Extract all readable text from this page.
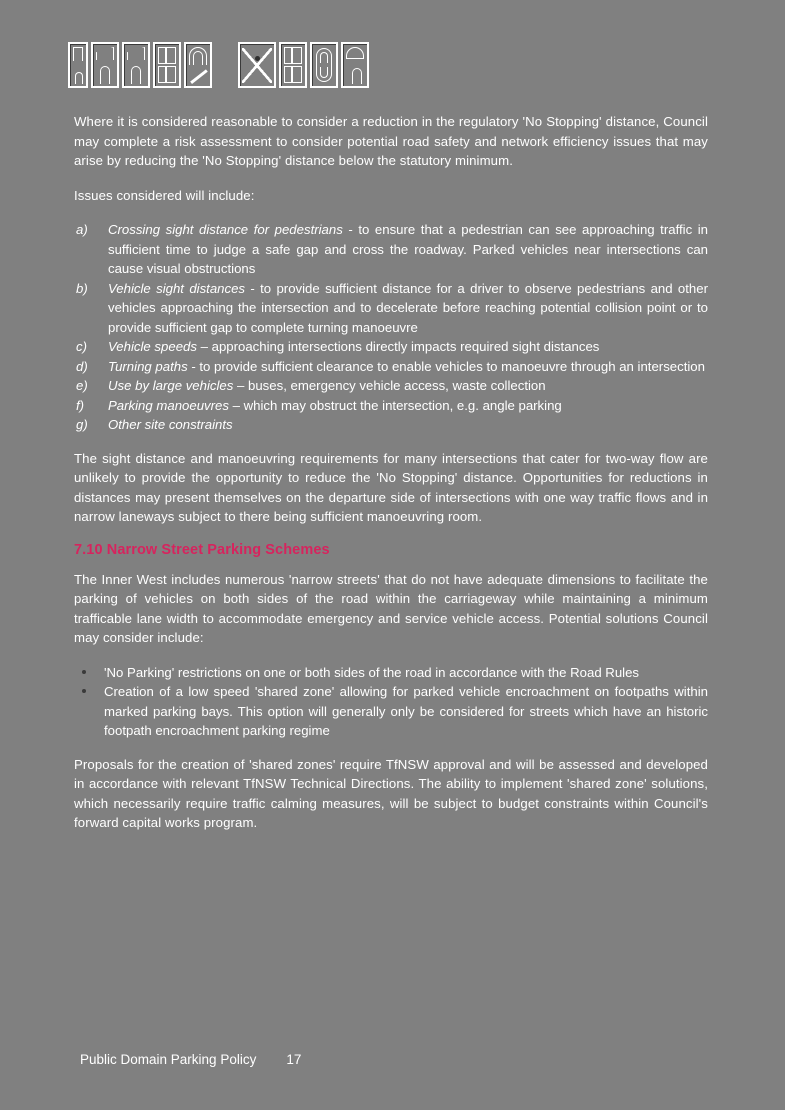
Where it is considered reasonable to consider a reduction in the regulatory 'No Stopping' distance, Council may complete a risk assessment to consider potential road safety and network efficiency issues that may arise by reducing the 'No Stopping' distance below the statutory minimum.

Issues considered will include:

a) Crossing sight distance for pedestrians - to ensure that a pedestrian can see approaching traffic in sufficient time to judge a safe gap and cross the roadway. Parked vehicles near intersections can cause visual obstructions
b) Vehicle sight distances - to provide sufficient distance for a driver to observe pedestrians and other vehicles approaching the intersection and to decelerate before reaching potential collision point or to provide sufficient gap to complete turning manoeuvre
c) Vehicle speeds – approaching intersections directly impacts required sight distances
d) Turning paths - to provide sufficient clearance to enable vehicles to manoeuvre through an intersection
e) Use by large vehicles – buses, emergency vehicle access, waste collection
f) Parking manoeuvres – which may obstruct the intersection, e.g. angle parking
g) Other site constraints

The sight distance and manoeuvring requirements for many intersections that cater for two-way flow are unlikely to provide the opportunity to reduce the 'No Stopping' distance. Opportunities for reductions in distances may present themselves on the departure side of intersections with one way traffic flows and in narrow laneways subject to there being sufficient manoeuvring room.

7.10 Narrow Street Parking Schemes

The Inner West includes numerous 'narrow streets' that do not have adequate dimensions to facilitate the parking of vehicles on both sides of the road within the carriageway while maintaining a minimum trafficable lane width to accommodate emergency and service vehicle access. Potential solutions Council may consider include:

'No Parking' restrictions on one or both sides of the road in accordance with the Road Rules
Creation of a low speed 'shared zone' allowing for parked vehicle encroachment on footpaths within marked parking bays. This option will generally only be considered for streets which have an historic footpath encroachment parking regime

Proposals for the creation of 'shared zones' require TfNSW approval and will be assessed and developed in accordance with relevant TfNSW Technical Directions. The ability to implement 'shared zone' solutions, which necessarily require traffic calming measures, will be subject to budget constraints within Council's forward capital works program.

Public Domain Parking Policy 17
